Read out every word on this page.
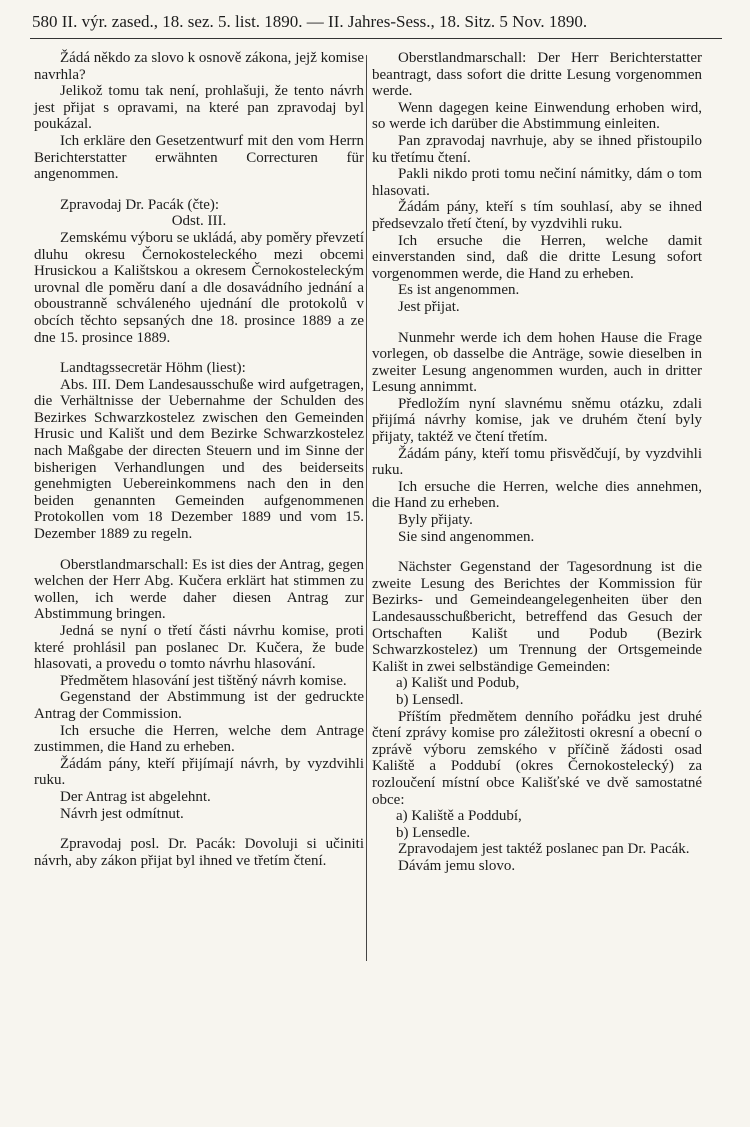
580 II. výr. zased., 18. sez. 5. list. 1890. — II. Jahres-Sess., 18. Sitz. 5 Nov. 1890.

Žádá někdo za slovo k osnově zákona, jejž komise navrhla?

Jelikož tomu tak není, prohlašuji, že tento návrh jest přijat s opravami, na které pan zpravodaj byl poukázal.

Ich erkläre den Gesetzentwurf mit den vom Herrn Berichterstatter erwähnten Correcturen für angenommen.

Zpravodaj Dr. Pacák (čte):

Odst. III.

Zemskému výboru se ukládá, aby poměry převzetí dluhu okresu Černokosteleckého mezi obcemi Hrusickou a Kalištskou a okresem Černokosteleckým urovnal dle poměru daní a dle dosavádního jednání a oboustranně schváleného ujednání dle protokolů v obcích těchto sepsaných dne 18. prosince 1889 a ze dne 15. prosince 1889.

Landtagssecretär Höhm (liest):

Abs. III. Dem Landesausschuße wird aufgetragen, die Verhältnisse der Uebernahme der Schulden des Bezirkes Schwarzkostelez zwischen den Gemeinden Hrusic und Kališt und dem Bezirke Schwarzkostelez nach Maßgabe der directen Steuern und im Sinne der bisherigen Verhandlungen und des beiderseits genehmigten Uebereinkommens nach den in den beiden genannten Gemeinden aufgenommenen Protokollen vom 18 Dezember 1889 und vom 15. Dezember 1889 zu regeln.

Oberstlandmarschall: Es ist dies der Antrag, gegen welchen der Herr Abg. Kučera erklärt hat stimmen zu wollen, ich werde daher diesen Antrag zur Abstimmung bringen.

Jedná se nyní o třetí části návrhu komise, proti které prohlásil pan poslanec Dr. Kučera, že bude hlasovati, a provedu o tomto návrhu hlasování.

Předmětem hlasování jest tištěný návrh komise.

Gegenstand der Abstimmung ist der gedruckte Antrag der Commission.

Ich ersuche die Herren, welche dem Antrage zustimmen, die Hand zu erheben.

Žádám pány, kteří přijímají návrh, by vyzdvihli ruku.

Der Antrag ist abgelehnt.

Návrh jest odmítnut.

Zpravodaj posl. Dr. Pacák: Dovoluji si učiniti návrh, aby zákon přijat byl ihned ve třetím čtení.

Oberstlandmarschall: Der Herr Berichterstatter beantragt, dass sofort die dritte Lesung vorgenommen werde.

Wenn dagegen keine Einwendung erhoben wird, so werde ich darüber die Abstimmung einleiten.

Pan zpravodaj navrhuje, aby se ihned přistoupilo ku třetímu čtení.

Pakli nikdo proti tomu nečiní námitky, dám o tom hlasovati.

Žádám pány, kteří s tím souhlasí, aby se ihned předsevzalo třetí čtení, by vyzdvihli ruku.

Ich ersuche die Herren, welche damit einverstanden sind, daß die dritte Lesung sofort vorgenommen werde, die Hand zu erheben.

Es ist angenommen.

Jest přijat.

Nunmehr werde ich dem hohen Hause die Frage vorlegen, ob dasselbe die Anträge, sowie dieselben in zweiter Lesung angenommen wurden, auch in dritter Lesung annimmt.

Předložím nyní slavnému sněmu otázku, zdali přijímá návrhy komise, jak ve druhém čtení byly přijaty, taktéž ve čtení třetím.

Žádám pány, kteří tomu přisvědčují, by vyzdvihli ruku.

Ich ersuche die Herren, welche dies annehmen, die Hand zu erheben.

Byly přijaty.

Sie sind angenommen.

Nächster Gegenstand der Tagesordnung ist die zweite Lesung des Berichtes der Kommission für Bezirks- und Gemeindeangelegenheiten über den Landesausschußbericht, betreffend das Gesuch der Ortschaften Kališt und Podub (Bezirk Schwarzkostelez) um Trennung der Ortsgemeinde Kališt in zwei selbständige Gemeinden:

a) Kališt und Podub,

b) Lensedl.

Příštím předmětem denního pořádku jest druhé čtení zprávy komise pro záležitosti okresní a obecní o zprávě výboru zemského v příčině žádosti osad Kaliště a Poddubí (okres Černokostelecký) za rozloučení místní obce Kališťské ve dvě samostatné obce:

a) Kaliště a Poddubí,

b) Lensedle.

Zpravodajem jest taktéž poslanec pan Dr. Pacák.

Dávám jemu slovo.
